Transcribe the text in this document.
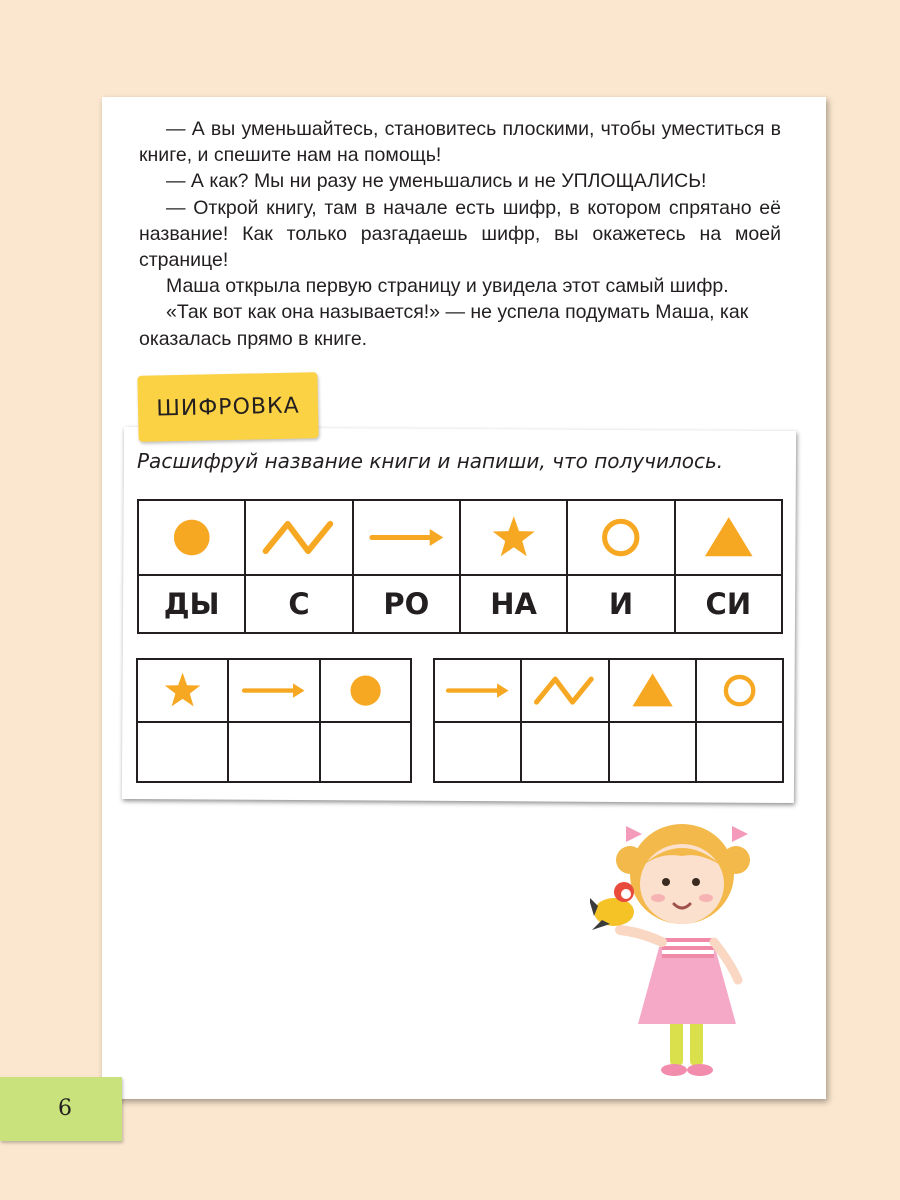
— А вы уменьшайтесь, становитесь плоскими, чтобы уместиться в книге, и спешите нам на помощь!

— А как? Мы ни разу не уменьшались и не УПЛОЩАЛИСЬ!

— Открой книгу, там в начале есть шифр, в котором спрятано её название! Как только разгадаешь шифр, вы окажетесь на моей странице!

Маша открыла первую страницу и увидела этот самый шифр.

«Так вот как она называется!» — не успела подумать Маша, как оказалась прямо в книге.

ШИФРОВКА
Расшифруй название книги и напиши, что получилось.

ДЫ	С	РО	НА	И	СИ

6
